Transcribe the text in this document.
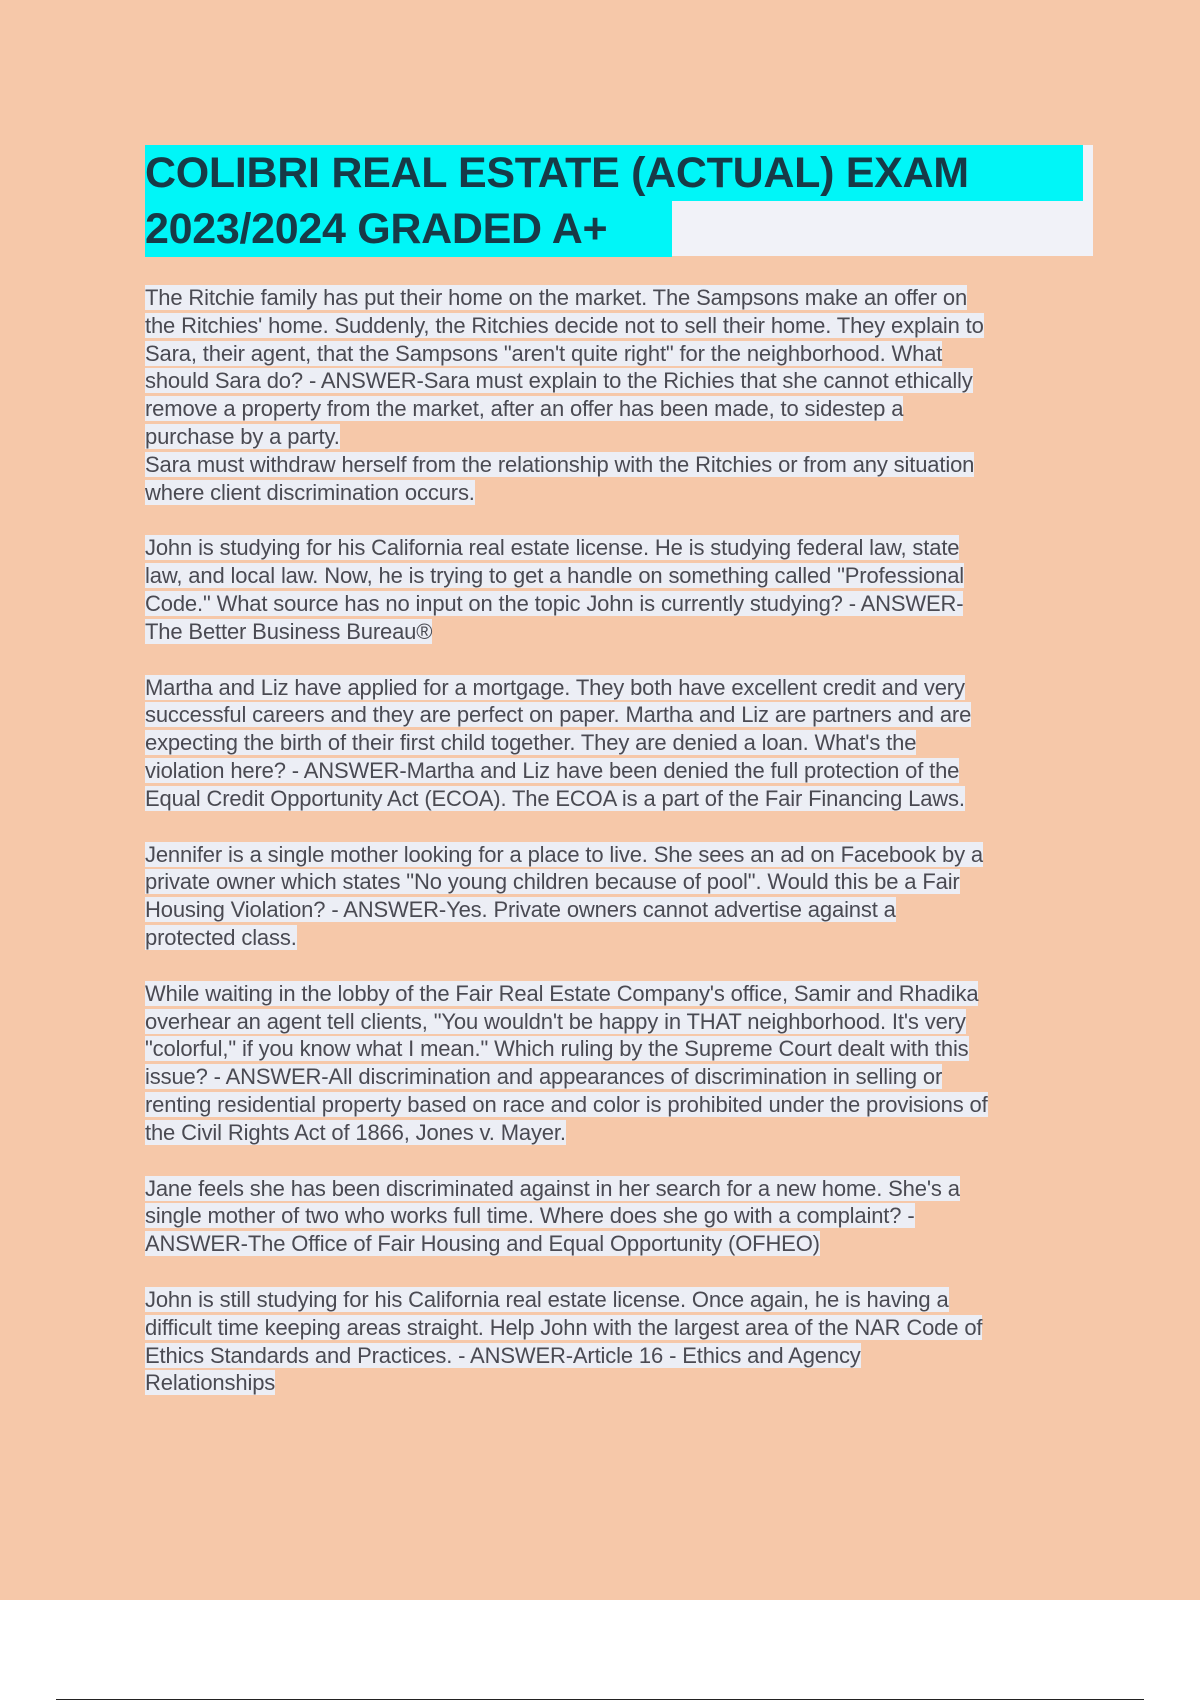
COLIBRI REAL ESTATE (ACTUAL) EXAM
2023/2024 GRADED A+
The Ritchie family has put their home on the market. The Sampsons make an offer on
the Ritchies' home. Suddenly, the Ritchies decide not to sell their home. They explain to
Sara, their agent, that the Sampsons "aren't quite right" for the neighborhood. What
should Sara do? - ANSWER-Sara must explain to the Richies that she cannot ethically
remove a property from the market, after an offer has been made, to sidestep a
purchase by a party.
Sara must withdraw herself from the relationship with the Ritchies or from any situation
where client discrimination occurs.
John is studying for his California real estate license. He is studying federal law, state
law, and local law. Now, he is trying to get a handle on something called "Professional
Code." What source has no input on the topic John is currently studying? - ANSWER-
The Better Business Bureau®
Martha and Liz have applied for a mortgage. They both have excellent credit and very
successful careers and they are perfect on paper. Martha and Liz are partners and are
expecting the birth of their first child together. They are denied a loan. What's the
violation here? - ANSWER-Martha and Liz have been denied the full protection of the
Equal Credit Opportunity Act (ECOA). The ECOA is a part of the Fair Financing Laws.
Jennifer is a single mother looking for a place to live. She sees an ad on Facebook by a
private owner which states "No young children because of pool". Would this be a Fair
Housing Violation? - ANSWER-Yes. Private owners cannot advertise against a
protected class.
While waiting in the lobby of the Fair Real Estate Company's office, Samir and Rhadika
overhear an agent tell clients, "You wouldn't be happy in THAT neighborhood. It's very
"colorful," if you know what I mean." Which ruling by the Supreme Court dealt with this
issue? - ANSWER-All discrimination and appearances of discrimination in selling or
renting residential property based on race and color is prohibited under the provisions of
the Civil Rights Act of 1866, Jones v. Mayer.
Jane feels she has been discriminated against in her search for a new home. She's a
single mother of two who works full time. Where does she go with a complaint? -
ANSWER-The Office of Fair Housing and Equal Opportunity (OFHEO)
John is still studying for his California real estate license. Once again, he is having a
difficult time keeping areas straight. Help John with the largest area of the NAR Code of
Ethics Standards and Practices. - ANSWER-Article 16 - Ethics and Agency
Relationships
